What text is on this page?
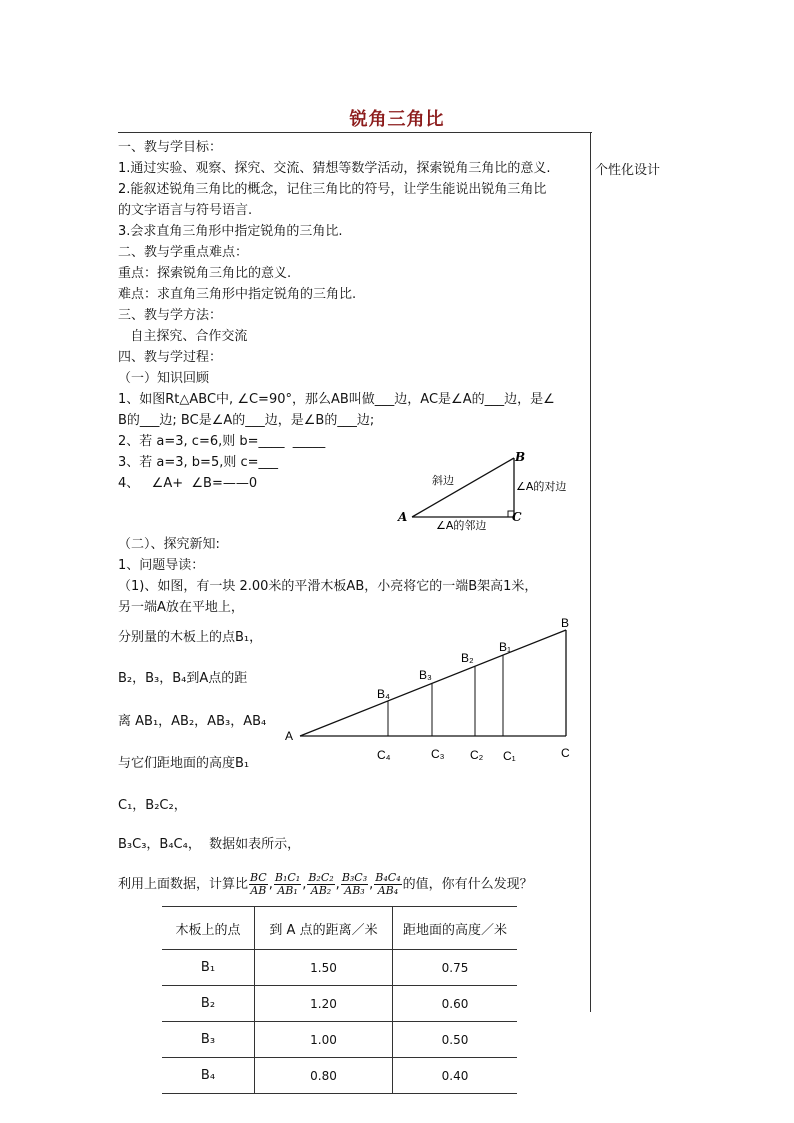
锐角三角比
个性化设计
一、教与学目标：
1.通过实验、观察、探究、交流、猜想等数学活动，探索锐角三角比的意义.
2.能叙述锐角三角比的概念，记住三角比的符号，让学生能说出锐角三角比
的文字语言与符号语言.
3.会求直角三角形中指定锐角的三角比.
二、教与学重点难点：
重点：探索锐角三角比的意义.
难点：求直角三角形中指定锐角的三角比.
三、教与学方法：
自主探究、合作交流
四、教与学过程：
（一）知识回顾
1、如图Rt△ABC中, ∠C=90°，那么AB叫做___边，AC是∠A的___边，是∠
B的___边; BC是∠A的___边，是∠B的___边;
2、若 a=3, c=6,则 b=____  _____
3、若 a=3, b=5,则 c=___
4、   ∠A+  ∠B=——0
A
B
C
斜边	∠A的对边
∠A的邻边
（二）、探究新知:
1、问题导读：
（1)、如图，有一块 2.00米的平滑木板AB，小亮将它的一端B架高1米，
另一端A放在平地上，
分别量的木板上的点B₁，
B₂，B₃，B₄到A点的距
离 AB₁，AB₂，AB₃，AB₄
与它们距地面的高度B₁
C₁，B₂C₂，
B₃C₃，B₄C₄，  数据如表所示，
A
B
C
B₄
B₃
B₂
B₁
C₄	C₃ C₂ C₁
利用上面数据，计算比 $\frac{BC}{AB}$ , $\frac{\text{B₁C₁}}{\text{AB₁}}$ , $\frac{\text{B₂C₂}}{\text{AB₂}}$ , $\frac{\text{B₃C₃}}{\text{AB₃}}$ , $\frac{\text{B₄C₄}}{\text{AB₄}}$ 的值，你有什么发现？
木板上的点	到 A 点的距离／米	距地面的高度／米
B₁	1.50	0.75
B₂	1.20	0.60
B₃	1.00	0.50
B₄	0.80	0.40
